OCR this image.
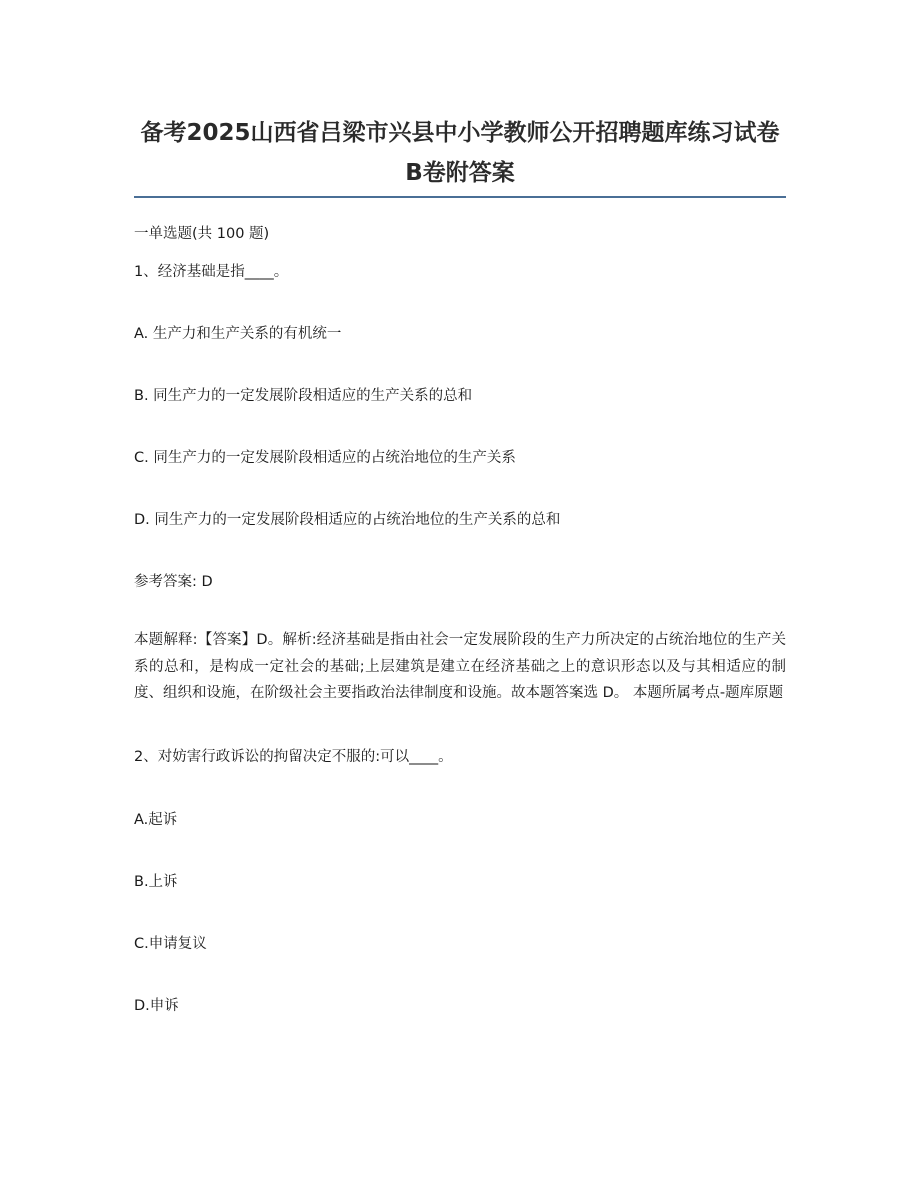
备考2025山西省吕梁市兴县中小学教师公开招聘题库练习试卷B卷附答案
一单选题(共 100 题)
1、经济基础是指____。
A. 生产力和生产关系的有机统一
B. 同生产力的一定发展阶段相适应的生产关系的总和
C. 同生产力的一定发展阶段相适应的占统治地位的生产关系
D. 同生产力的一定发展阶段相适应的占统治地位的生产关系的总和
参考答案: D
本题解释:【答案】D。解析:经济基础是指由社会一定发展阶段的生产力所决定的占统治地位的生产关系的总和，是构成一定社会的基础;上层建筑是建立在经济基础之上的意识形态以及与其相适应的制度、组织和设施，在阶级社会主要指政治法律制度和设施。故本题答案选 D。 本题所属考点-题库原题
2、对妨害行政诉讼的拘留决定不服的:可以____。
A.起诉
B.上诉
C.申请复议
D.申诉
